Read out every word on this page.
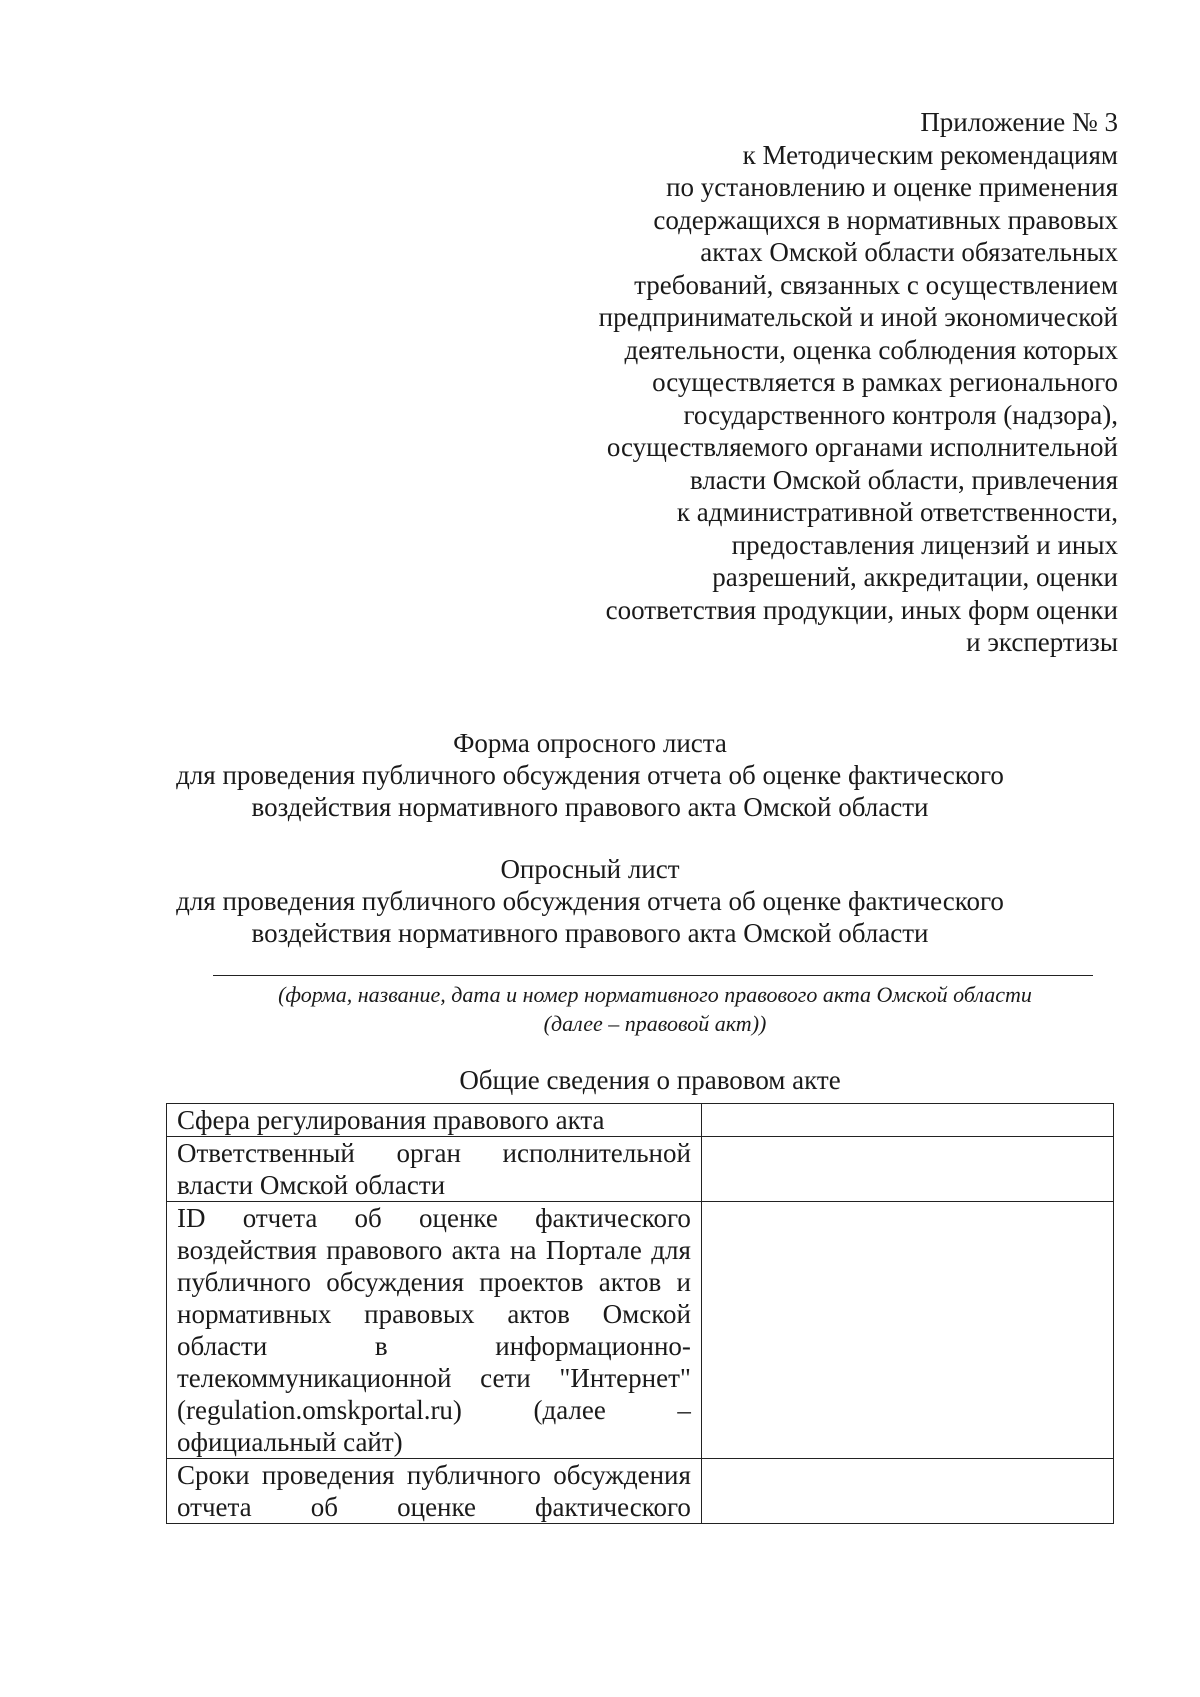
Приложение № 3
к Методическим рекомендациям
по установлению и оценке применения
содержащихся в нормативных правовых
актах Омской области обязательных
требований, связанных с осуществлением
предпринимательской и иной экономической
деятельности, оценка соблюдения которых
осуществляется в рамках регионального
государственного контроля (надзора),
осуществляемого органами исполнительной
власти Омской области, привлечения
к административной ответственности,
предоставления лицензий и иных
разрешений, аккредитации, оценки
соответствия продукции, иных форм оценки
и экспертизы
Форма опросного листа
для проведения публичного обсуждения отчета об оценке фактического
воздействия нормативного правового акта Омской области
Опросный лист
для проведения публичного обсуждения отчета об оценке фактического
воздействия нормативного правового акта Омской области
(форма, название, дата и номер нормативного правового акта Омской области
(далее – правовой акт))
Общие сведения о правовом акте
Сфера регулирования правового акта	
Ответственный орган исполнительной власти Омской области	
ID отчета об оценке фактического воздействия правового акта на Портале для публичного обсуждения проектов актов и нормативных правовых актов Омской области в информационно-телекоммуникационной сети "Интернет" (regulation.omskportal.ru) (далее – официальный сайт)	
Сроки проведения публичного обсуждения отчета об оценке фактического	
